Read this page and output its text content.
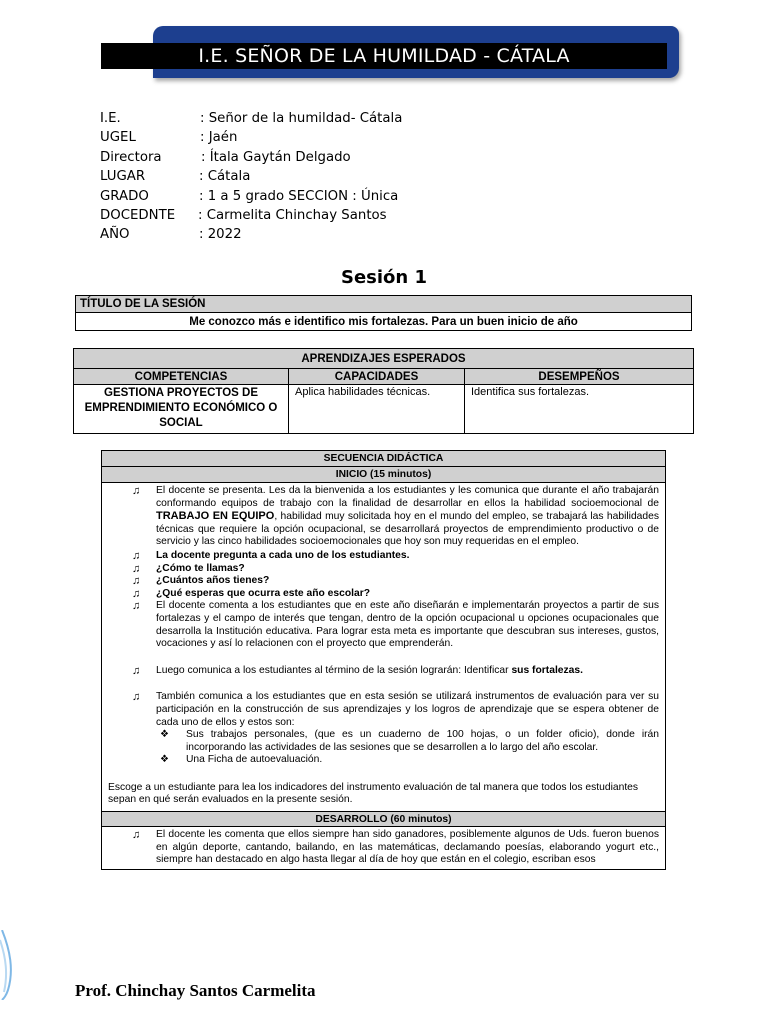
I.E. SEÑOR DE LA HUMILDAD - CÁTALA
I.E.	: Señor de la humildad- Cátala
UGEL	: Jaén
Directora	: Ítala Gaytán Delgado
LUGAR	: Cátala
GRADO	: 1 a 5 grado SECCION : Única
DOCEDNTE : Carmelita Chinchay Santos
AÑO	: 2022
Sesión 1
TÍTULO DE LA SESIÓN
Me conozco más e identifico mis fortalezas. Para un buen inicio de año
APRENDIZAJES ESPERADOS		
COMPETENCIAS	CAPACIDADES	DESEMPEÑOS
GESTIONA PROYECTOS DE EMPRENDIMIENTO ECONÓMICO O SOCIAL	Aplica habilidades técnicas.	Identifica sus fortalezas.
SECUENCIA DIDÁCTICA
INICIO (15 minutos)

♫ El docente se presenta. Les da la bienvenida a los estudiantes y les comunica que durante el año trabajarán conformando equipos de trabajo con la finalidad de desarrollar en ellos la habilidad socioemocional de TRABAJO EN EQUIPO, habilidad muy solicitada hoy en el mundo del empleo, se trabajará las habilidades técnicas que requiere la opción ocupacional, se desarrollará proyectos de emprendimiento productivo o de servicio y las cinco habilidades socioemocionales que hoy son muy requeridas en el empleo.
♫ La docente pregunta a cada uno de los estudiantes.
♫ ¿Cómo te llamas?
♫ ¿Cuántos años tienes?
♫ ¿Qué esperas que ocurra este año escolar?
♫ El docente comenta a los estudiantes que en este año diseñarán e implementarán proyectos a partir de sus fortalezas y el campo de interés que tengan, dentro de la opción ocupacional u opciones ocupacionales que desarrolla la Institución educativa. Para lograr esta meta es importante que descubran sus intereses, gustos, vocaciones y así lo relacionen con el proyecto que emprenderán.
♫ Luego comunica a los estudiantes al término de la sesión lograrán: Identificar sus fortalezas.
♫ También comunica a los estudiantes que en esta sesión se utilizará instrumentos de evaluación para ver su participación en la construcción de sus aprendizajes y los logros de aprendizaje que se espera obtener de cada uno de ellos y estos son:
❖ Sus trabajos personales, (que es un cuaderno de 100 hojas, o un folder oficio), donde irán incorporando las actividades de las sesiones que se desarrollen a lo largo del año escolar.
❖ Una Ficha de autoevaluación.
Escoge a un estudiante para lea los indicadores del instrumento evaluación de tal manera que todos los estudiantes sepan en qué serán evaluados en la presente sesión.

DESARROLLO (60 minutos)

♫ El docente les comenta que ellos siempre han sido ganadores, posiblemente algunos de Uds. fueron buenos en algún deporte, cantando, bailando, en las matemáticas, declamando poesías, elaborando yogurt etc., siempre han destacado en algo hasta llegar al día de hoy que están en el colegio, escriban esos
Prof. Chinchay Santos Carmelita
